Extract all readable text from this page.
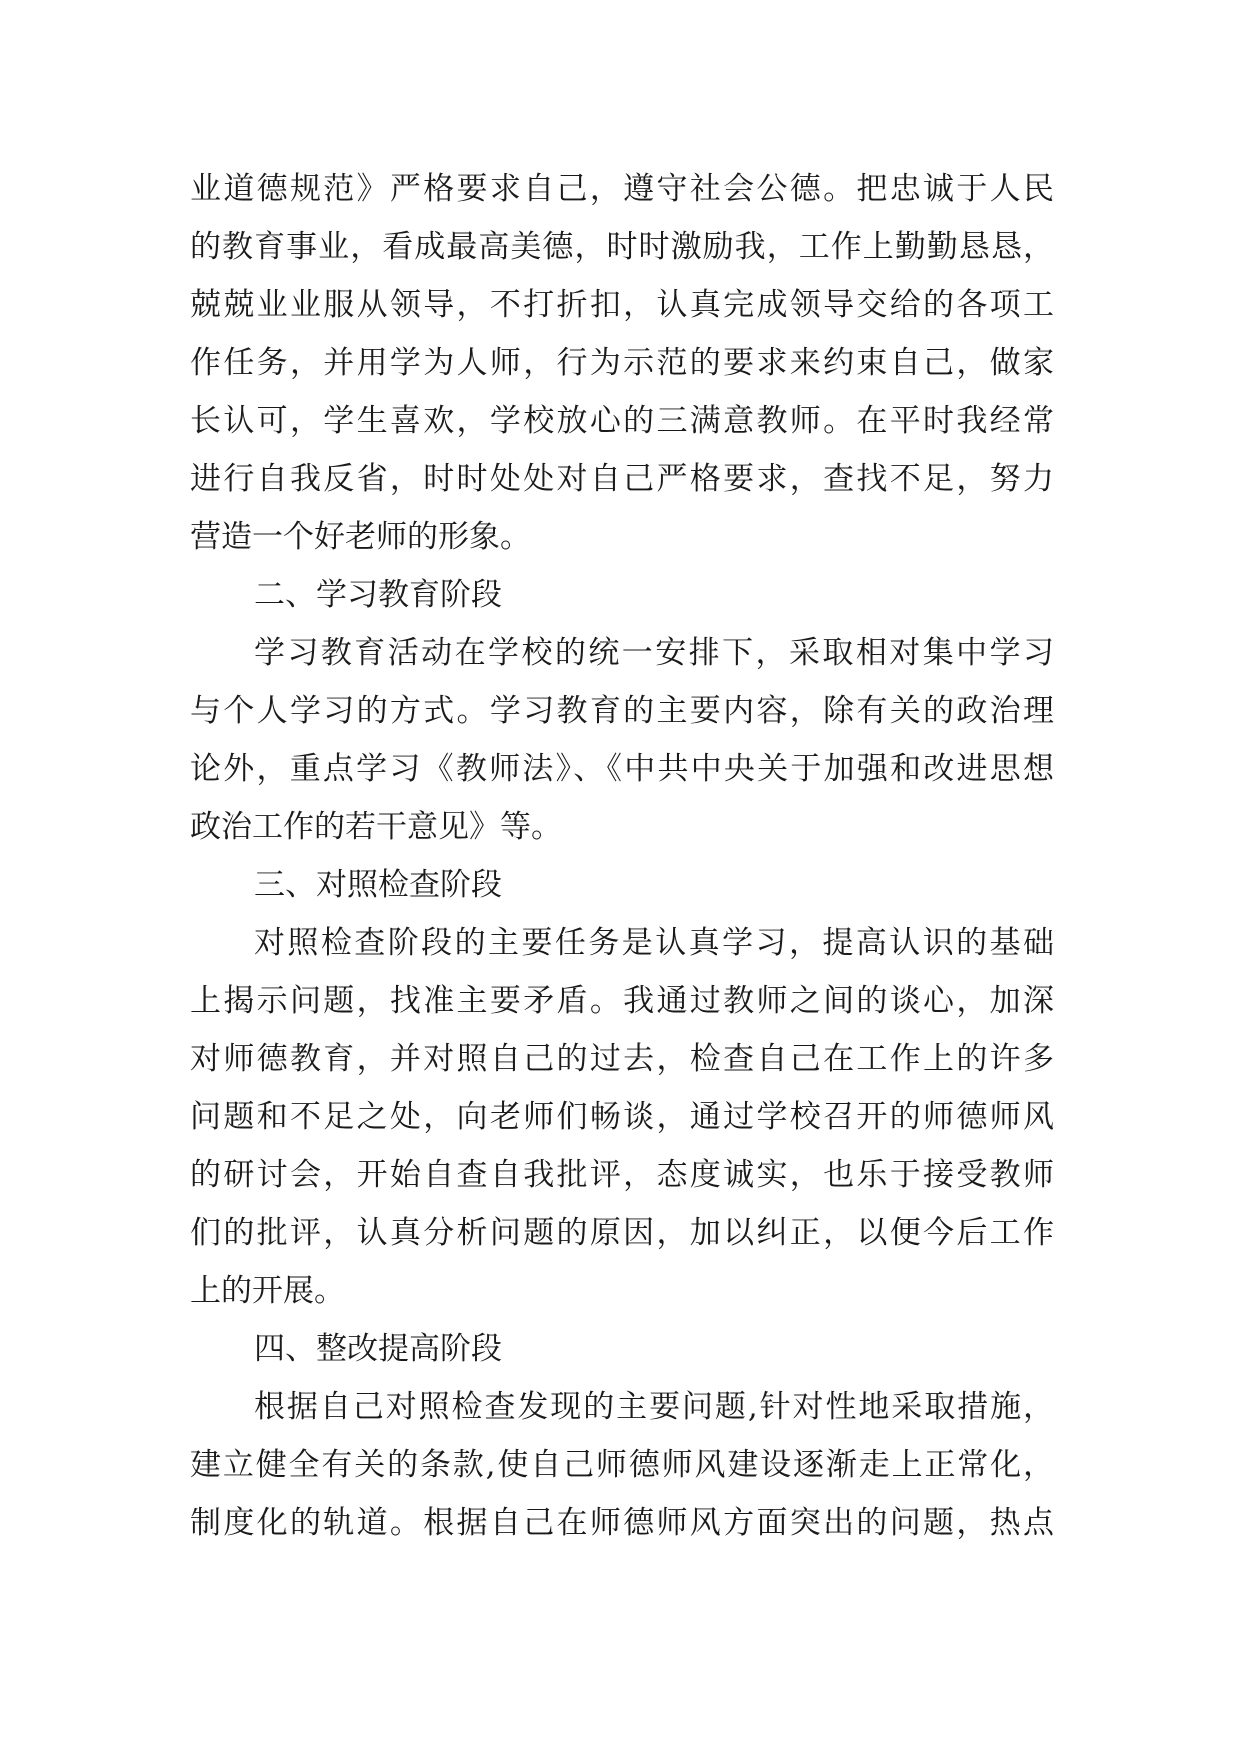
业道德规范》严格要求自己，遵守社会公德。把忠诚于人民
的教育事业，看成最高美德，时时激励我，工作上勤勤恳恳，
兢兢业业服从领导，不打折扣，认真完成领导交给的各项工
作任务，并用学为人师，行为示范的要求来约束自己，做家
长认可，学生喜欢，学校放心的三满意教师。在平时我经常
进行自我反省，时时处处对自己严格要求，查找不足，努力
营造一个好老师的形象。
二、学习教育阶段
学习教育活动在学校的统一安排下，采取相对集中学习
与个人学习的方式。学习教育的主要内容，除有关的政治理
论外，重点学习《教师法》、《中共中央关于加强和改进思想
政治工作的若干意见》等。
三、对照检查阶段
对照检查阶段的主要任务是认真学习，提高认识的基础
上揭示问题，找准主要矛盾。我通过教师之间的谈心，加深
对师德教育，并对照自己的过去，检查自己在工作上的许多
问题和不足之处，向老师们畅谈，通过学校召开的师德师风
的研讨会，开始自查自我批评，态度诚实，也乐于接受教师
们的批评，认真分析问题的原因，加以纠正，以便今后工作
上的开展。
四、整改提高阶段
根据自己对照检查发现的主要问题,针对性地采取措施，
建立健全有关的条款,使自己师德师风建设逐渐走上正常化，
制度化的轨道。根据自己在师德师风方面突出的问题，热点
